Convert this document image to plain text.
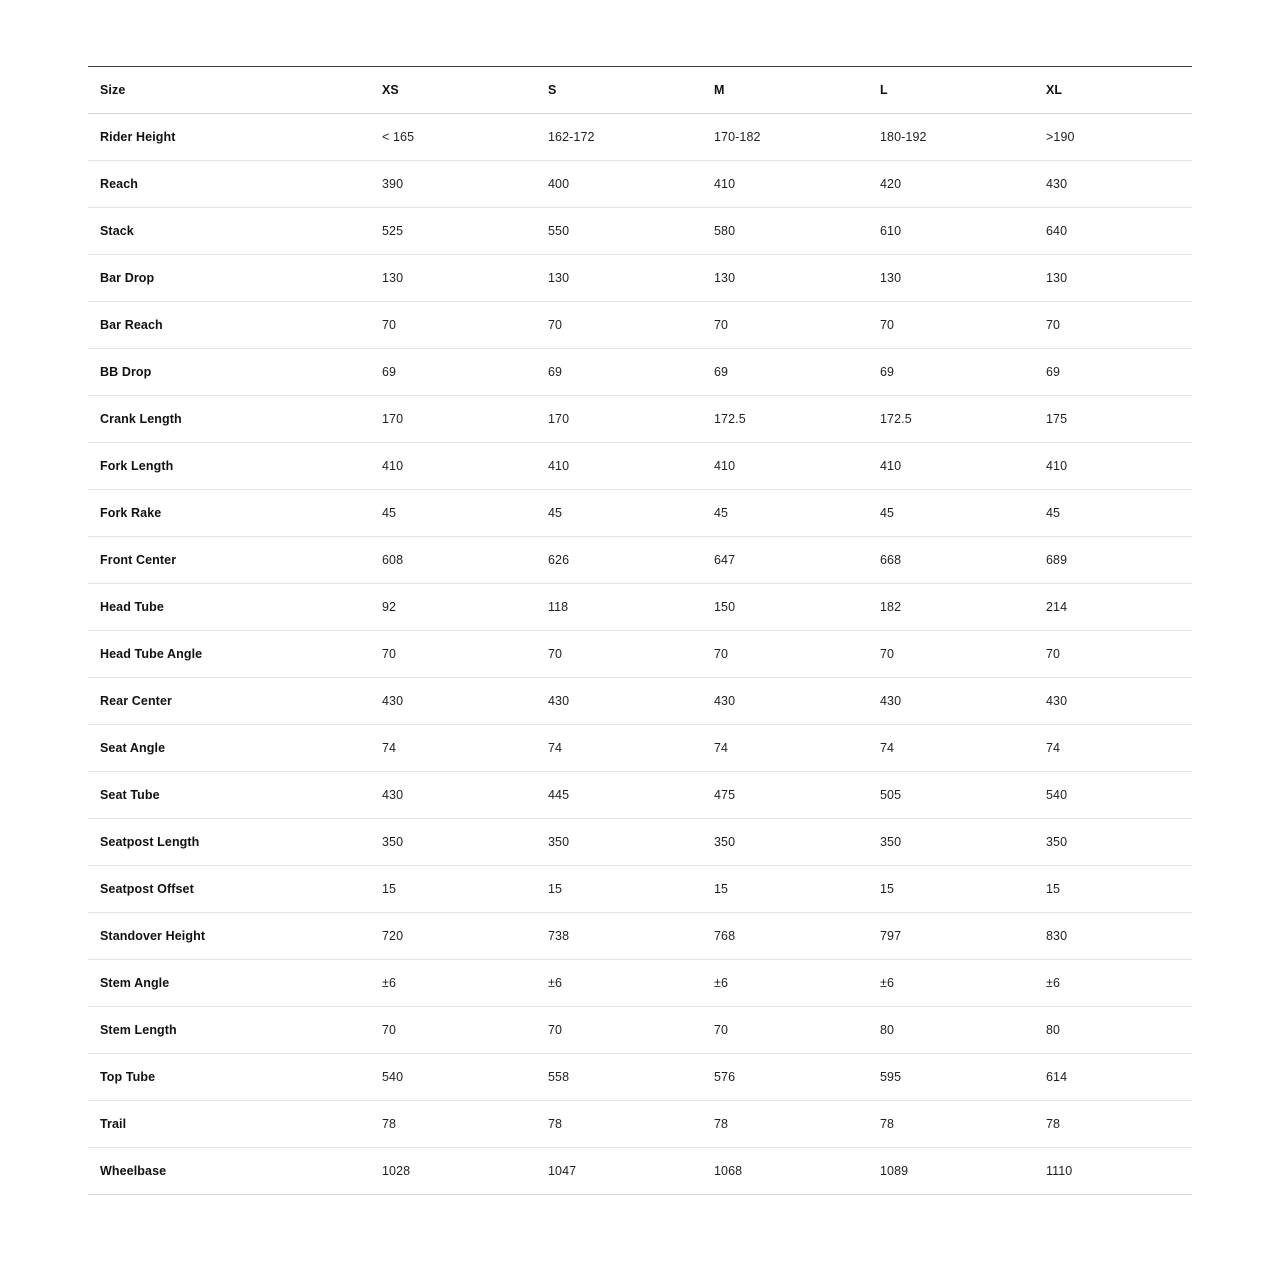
Size	XS	S	M	L	XL
Rider Height	< 165	162-172	170-182	180-192	>190
Reach	390	400	410	420	430
Stack	525	550	580	610	640
Bar Drop	130	130	130	130	130
Bar Reach	70	70	70	70	70
BB Drop	69	69	69	69	69
Crank Length	170	170	172.5	172.5	175
Fork Length	410	410	410	410	410
Fork Rake	45	45	45	45	45
Front Center	608	626	647	668	689
Head Tube	92	118	150	182	214
Head Tube Angle	70	70	70	70	70
Rear Center	430	430	430	430	430
Seat Angle	74	74	74	74	74
Seat Tube	430	445	475	505	540
Seatpost Length	350	350	350	350	350
Seatpost Offset	15	15	15	15	15
Standover Height	720	738	768	797	830
Stem Angle	±6	±6	±6	±6	±6
Stem Length	70	70	70	80	80
Top Tube	540	558	576	595	614
Trail	78	78	78	78	78
Wheelbase	1028	1047	1068	1089	1110
